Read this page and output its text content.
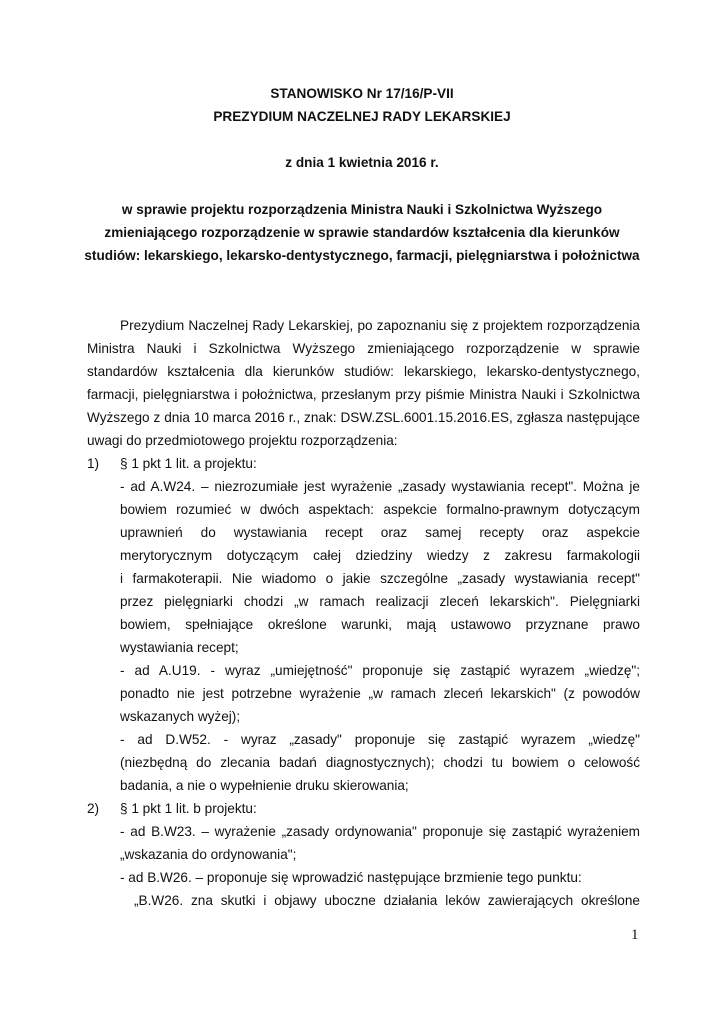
STANOWISKO Nr 17/16/P-VII
PREZYDIUM NACZELNEJ RADY LEKARSKIEJ
z dnia 1 kwietnia 2016 r.
w sprawie projektu rozporządzenia Ministra Nauki i Szkolnictwa Wyższego
zmieniającego rozporządzenie w sprawie standardów kształcenia dla kierunków
studiów: lekarskiego, lekarsko-dentystycznego, farmacji, pielęgniarstwa i położnictwa
Prezydium Naczelnej Rady Lekarskiej, po zapoznaniu się z projektem rozporządzenia
Ministra Nauki i Szkolnictwa Wyższego zmieniającego rozporządzenie w sprawie
standardów kształcenia dla kierunków studiów: lekarskiego, lekarsko-dentystycznego,
farmacji, pielęgniarstwa i położnictwa, przesłanym przy piśmie Ministra Nauki i Szkolnictwa
Wyższego z dnia 10 marca 2016 r., znak: DSW.ZSL.6001.15.2016.ES, zgłasza następujące
uwagi do przedmiotowego projektu rozporządzenia:
1) § 1 pkt 1 lit. a projektu:
- ad A.W24. – niezrozumiałe jest wyrażenie „zasady wystawiania recept". Można je
bowiem rozumieć w dwóch aspektach: aspekcie formalno-prawnym dotyczącym
uprawnień do wystawiania recept oraz samej recepty oraz aspekcie
merytorycznym dotyczącym całej dziedziny wiedzy z zakresu farmakologii
i farmakoterapii. Nie wiadomo o jakie szczególne „zasady wystawiania recept"
przez pielęgniarki chodzi „w ramach realizacji zleceń lekarskich". Pielęgniarki
bowiem, spełniające określone warunki, mają ustawowo przyznane prawo
wystawiania recept;
- ad A.U19. - wyraz „umiejętność" proponuje się zastąpić wyrazem „wiedzę";
ponadto nie jest potrzebne wyrażenie „w ramach zleceń lekarskich" (z powodów
wskazanych wyżej);
- ad D.W52. - wyraz „zasady" proponuje się zastąpić wyrazem „wiedzę"
(niezbędną do zlecania badań diagnostycznych); chodzi tu bowiem o celowość
badania, a nie o wypełnienie druku skierowania;
2) § 1 pkt 1 lit. b projektu:
- ad B.W23. – wyrażenie „zasady ordynowania" proponuje się zastąpić wyrażeniem
„wskazania do ordynowania";
- ad B.W26. – proponuje się wprowadzić następujące brzmienie tego punktu:
„B.W26. zna skutki i objawy uboczne działania leków zawierających określone
1
